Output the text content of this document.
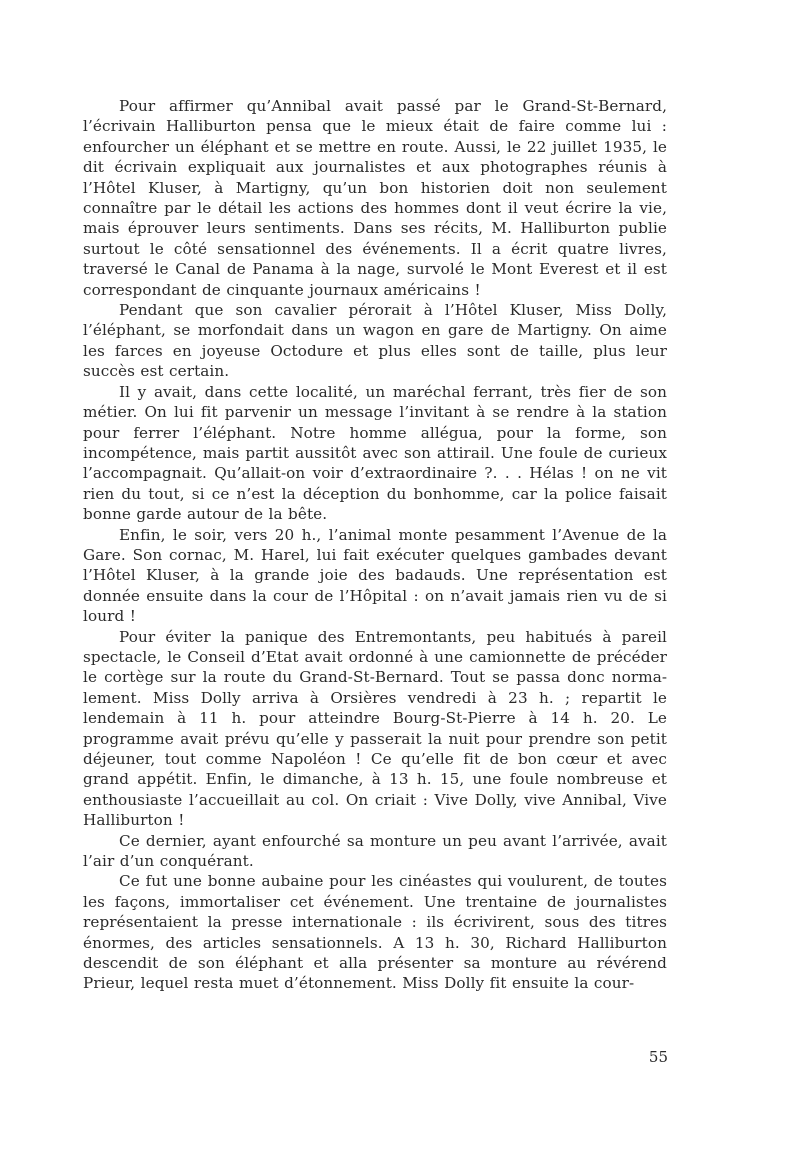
Pour affirmer qu’Annibal avait passé par le Grand-St-Bernard, l’écrivain Halliburton pensa que le mieux était de faire comme lui : enfourcher un éléphant et se mettre en route. Aussi, le 22 juillet 1935, le dit écrivain expliquait aux journalistes et aux photographes réunis à l’Hôtel Kluser, à Martigny, qu’un bon historien doit non seulement connaître par le détail les actions des hommes dont il veut écrire la vie, mais éprouver leurs sentiments. Dans ses récits, M. Halliburton publie surtout le côté sensationnel des événements. Il a écrit quatre livres, traversé le Canal de Panama à la nage, survolé le Mont Everest et il est correspondant de cinquante journaux américains !

Pendant que son cavalier pérorait à l’Hôtel Kluser, Miss Dolly, l’éléphant, se morfondait dans un wagon en gare de Martigny. On aime les farces en joyeuse Octodure et plus elles sont de taille, plus leur succès est certain.

Il y avait, dans cette localité, un maréchal ferrant, très fier de son métier. On lui fit parvenir un message l’invitant à se rendre à la station pour ferrer l’éléphant. Notre homme allégua, pour la forme, son incompétence, mais partit aussitôt avec son attirail. Une foule de curieux l’accompagnait. Qu’allait-on voir d’extraordinaire ?. . . Hélas ! on ne vit rien du tout, si ce n’est la déception du bonhomme, car la police faisait bonne garde autour de la bête.

Enfin, le soir, vers 20 h., l’animal monte pesamment l’Avenue de la Gare. Son cornac, M. Harel, lui fait exécuter quelques gambades devant l’Hôtel Kluser, à la grande joie des badauds. Une représentation est donnée ensuite dans la cour de l’Hôpital : on n’avait jamais rien vu de si lourd !

Pour éviter la panique des Entremontants, peu habitués à pareil spectacle, le Conseil d’Etat avait ordonné à une camionnette de précéder le cortège sur la route du Grand-St-Bernard. Tout se passa donc normalement. Miss Dolly arriva à Orsières vendredi à 23 h. ; repartit le lendemain à 11 h. pour atteindre Bourg-St-Pierre à 14 h. 20. Le programme avait prévu qu’elle y passerait la nuit pour prendre son petit déjeuner, tout comme Napoléon ! Ce qu’elle fit de bon cœur et avec grand appétit. Enfin, le dimanche, à 13 h. 15, une foule nombreuse et enthousiaste l’accueillait au col. On criait : Vive Dolly, vive Annibal, Vive Halliburton !

Ce dernier, ayant enfourché sa monture un peu avant l’arrivée, avait l’air d’un conquérant.

Ce fut une bonne aubaine pour les cinéastes qui voulurent, de toutes les façons, immortaliser cet événement. Une trentaine de journalistes représentaient la presse internationale : ils écrivirent, sous des titres énormes, des articles sensationnels. A 13 h. 30, Richard Halliburton descendit de son éléphant et alla présenter sa monture au révérend Prieur, lequel resta muet d’étonnement. Miss Dolly fit ensuite la cour-

55
